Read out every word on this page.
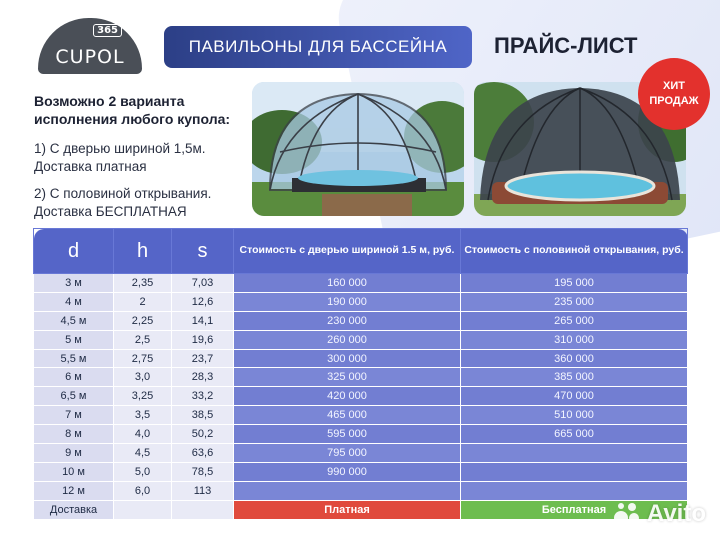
365
CUPOL	ПАВИЛЬОНЫ ДЛЯ БАССЕЙНА	ПРАЙС-ЛИСТ
ХИТ
ПРОДАЖ

Возможно 2 варианта исполнения любого купола:

1) С дверью шириной 1,5м. Доставка платная

2) С половиной открывания. Доставка БЕСПЛАТНАЯ

d	h	s	Стоимость с дверью шириной 1.5 м, руб.	Стоимость с половиной открывания, руб.
3 м	2,35	7,03	160 000	195 000
4 м	2	12,6	190 000	235 000
4,5 м	2,25	14,1	230 000	265 000
5 м	2,5	19,6	260 000	310 000
5,5 м	2,75	23,7	300 000	360 000
6 м	3,0	28,3	325 000	385 000
6,5 м	3,25	33,2	420 000	470 000
7 м	3,5	38,5	465 000	510 000
8 м	4,0	50,2	595 000	665 000
9 м	4,5	63,6	795 000	
10 м	5,0	78,5	990 000	
12 м	6,0	113		
Доставка			Платная	Бесплатная Avito
